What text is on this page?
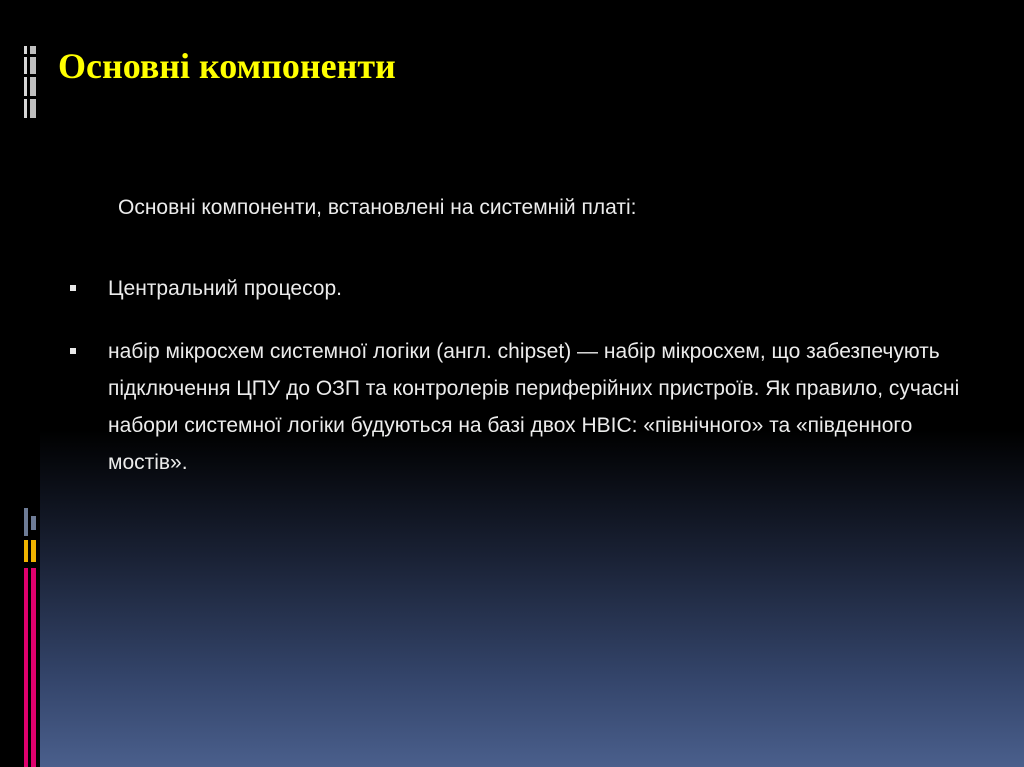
Основні компоненти

Основні компоненти, встановлені на системній платі:

Центральний процесор.
набір мікросхем системної логіки (англ. chipset) — набір мікросхем, що забезпечують підключення ЦПУ до ОЗП та контролерів периферійних пристроїв. Як правило, сучасні набори системної логіки будуються на базі двох НВІС: «північного» та «південного мостів».
